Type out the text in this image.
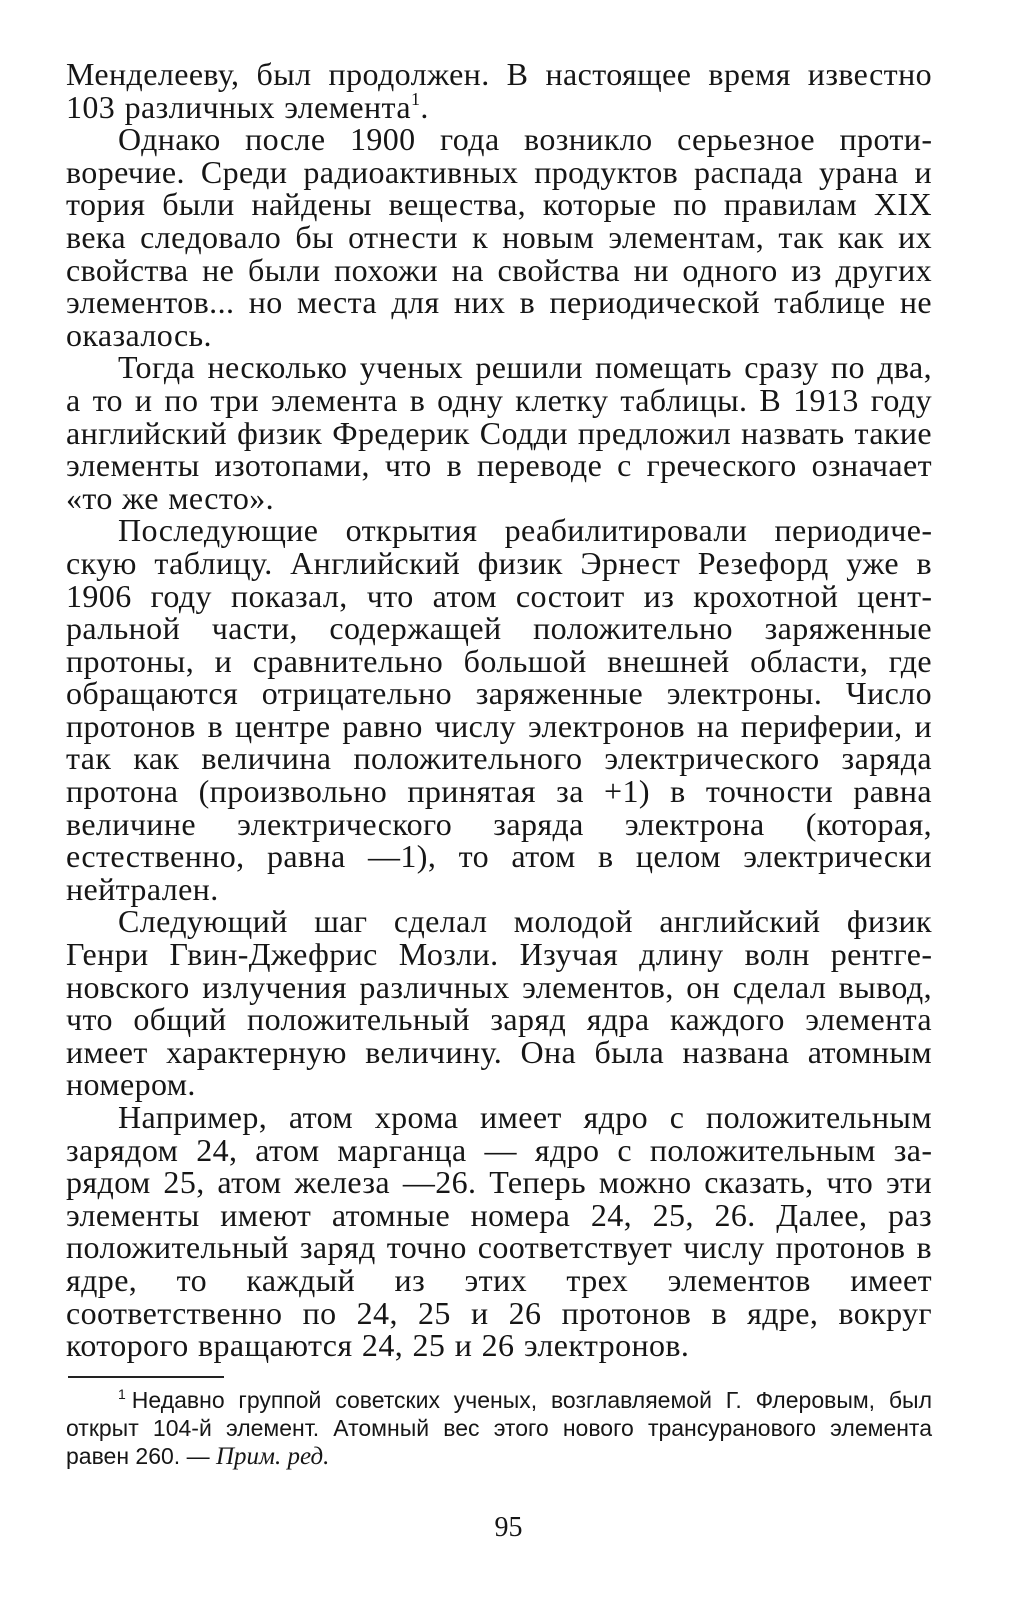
Менделееву, был продолжен. В настоящее время известно 103 различных элемента$^1$.

Однако после 1900 года возникло серьезное противоречие. Среди радиоактивных продуктов распада урана и тория были найдены вещества, которые по правилам XIX века следовало бы отнести к новым элементам, так как их свойства не были похожи на свойства ни одного из других элементов... но места для них в периодической таблице не оказалось.

Тогда несколько ученых решили помещать сразу по два, а то и по три элемента в одну клетку таблицы. В 1913 году английский физик Фредерик Содди предложил назвать такие элементы изотопами, что в переводе с греческого означает «то же место».

Последующие открытия реабилитировали периодическую таблицу. Английский физик Эрнест Резефорд уже в 1906 году показал, что атом состоит из крохотной центральной части, содержащей положительно заряженные протоны, и сравнительно большой внешней области, где обращаются отрицательно заряженные электроны. Число протонов в центре равно числу электронов на периферии, и так как величина положительного электрического заряда протона (произвольно принятая за +1) в точности равна величине электрического заряда электрона (которая, естественно, равна —1), то атом в целом электрически нейтрален.

Следующий шаг сделал молодой английский физик Генри Гвин-Джефрис Мозли. Изучая длину волн рентгеновского излучения различных элементов, он сделал вывод, что общий положительный заряд ядра каждого элемента имеет характерную величину. Она была названа атомным номером.

Например, атом хрома имеет ядро с положительным зарядом 24, атом марганца — ядро с положительным зарядом 25, атом железа —26. Теперь можно сказать, что эти элементы имеют атомные номера 24, 25, 26. Далее, раз положительный заряд точно соответствует числу протонов в ядре, то каждый из этих трех элементов имеет соответственно по 24, 25 и 26 протонов в ядре, вокруг которого вращаются 24, 25 и 26 электронов.

$^1$ Недавно группой советских ученых, возглавляемой Г. Флеровым, был открыт 104-й элемент. Атомный вес этого нового трансуранового элемента равен 260. — Прим. ред.

95
